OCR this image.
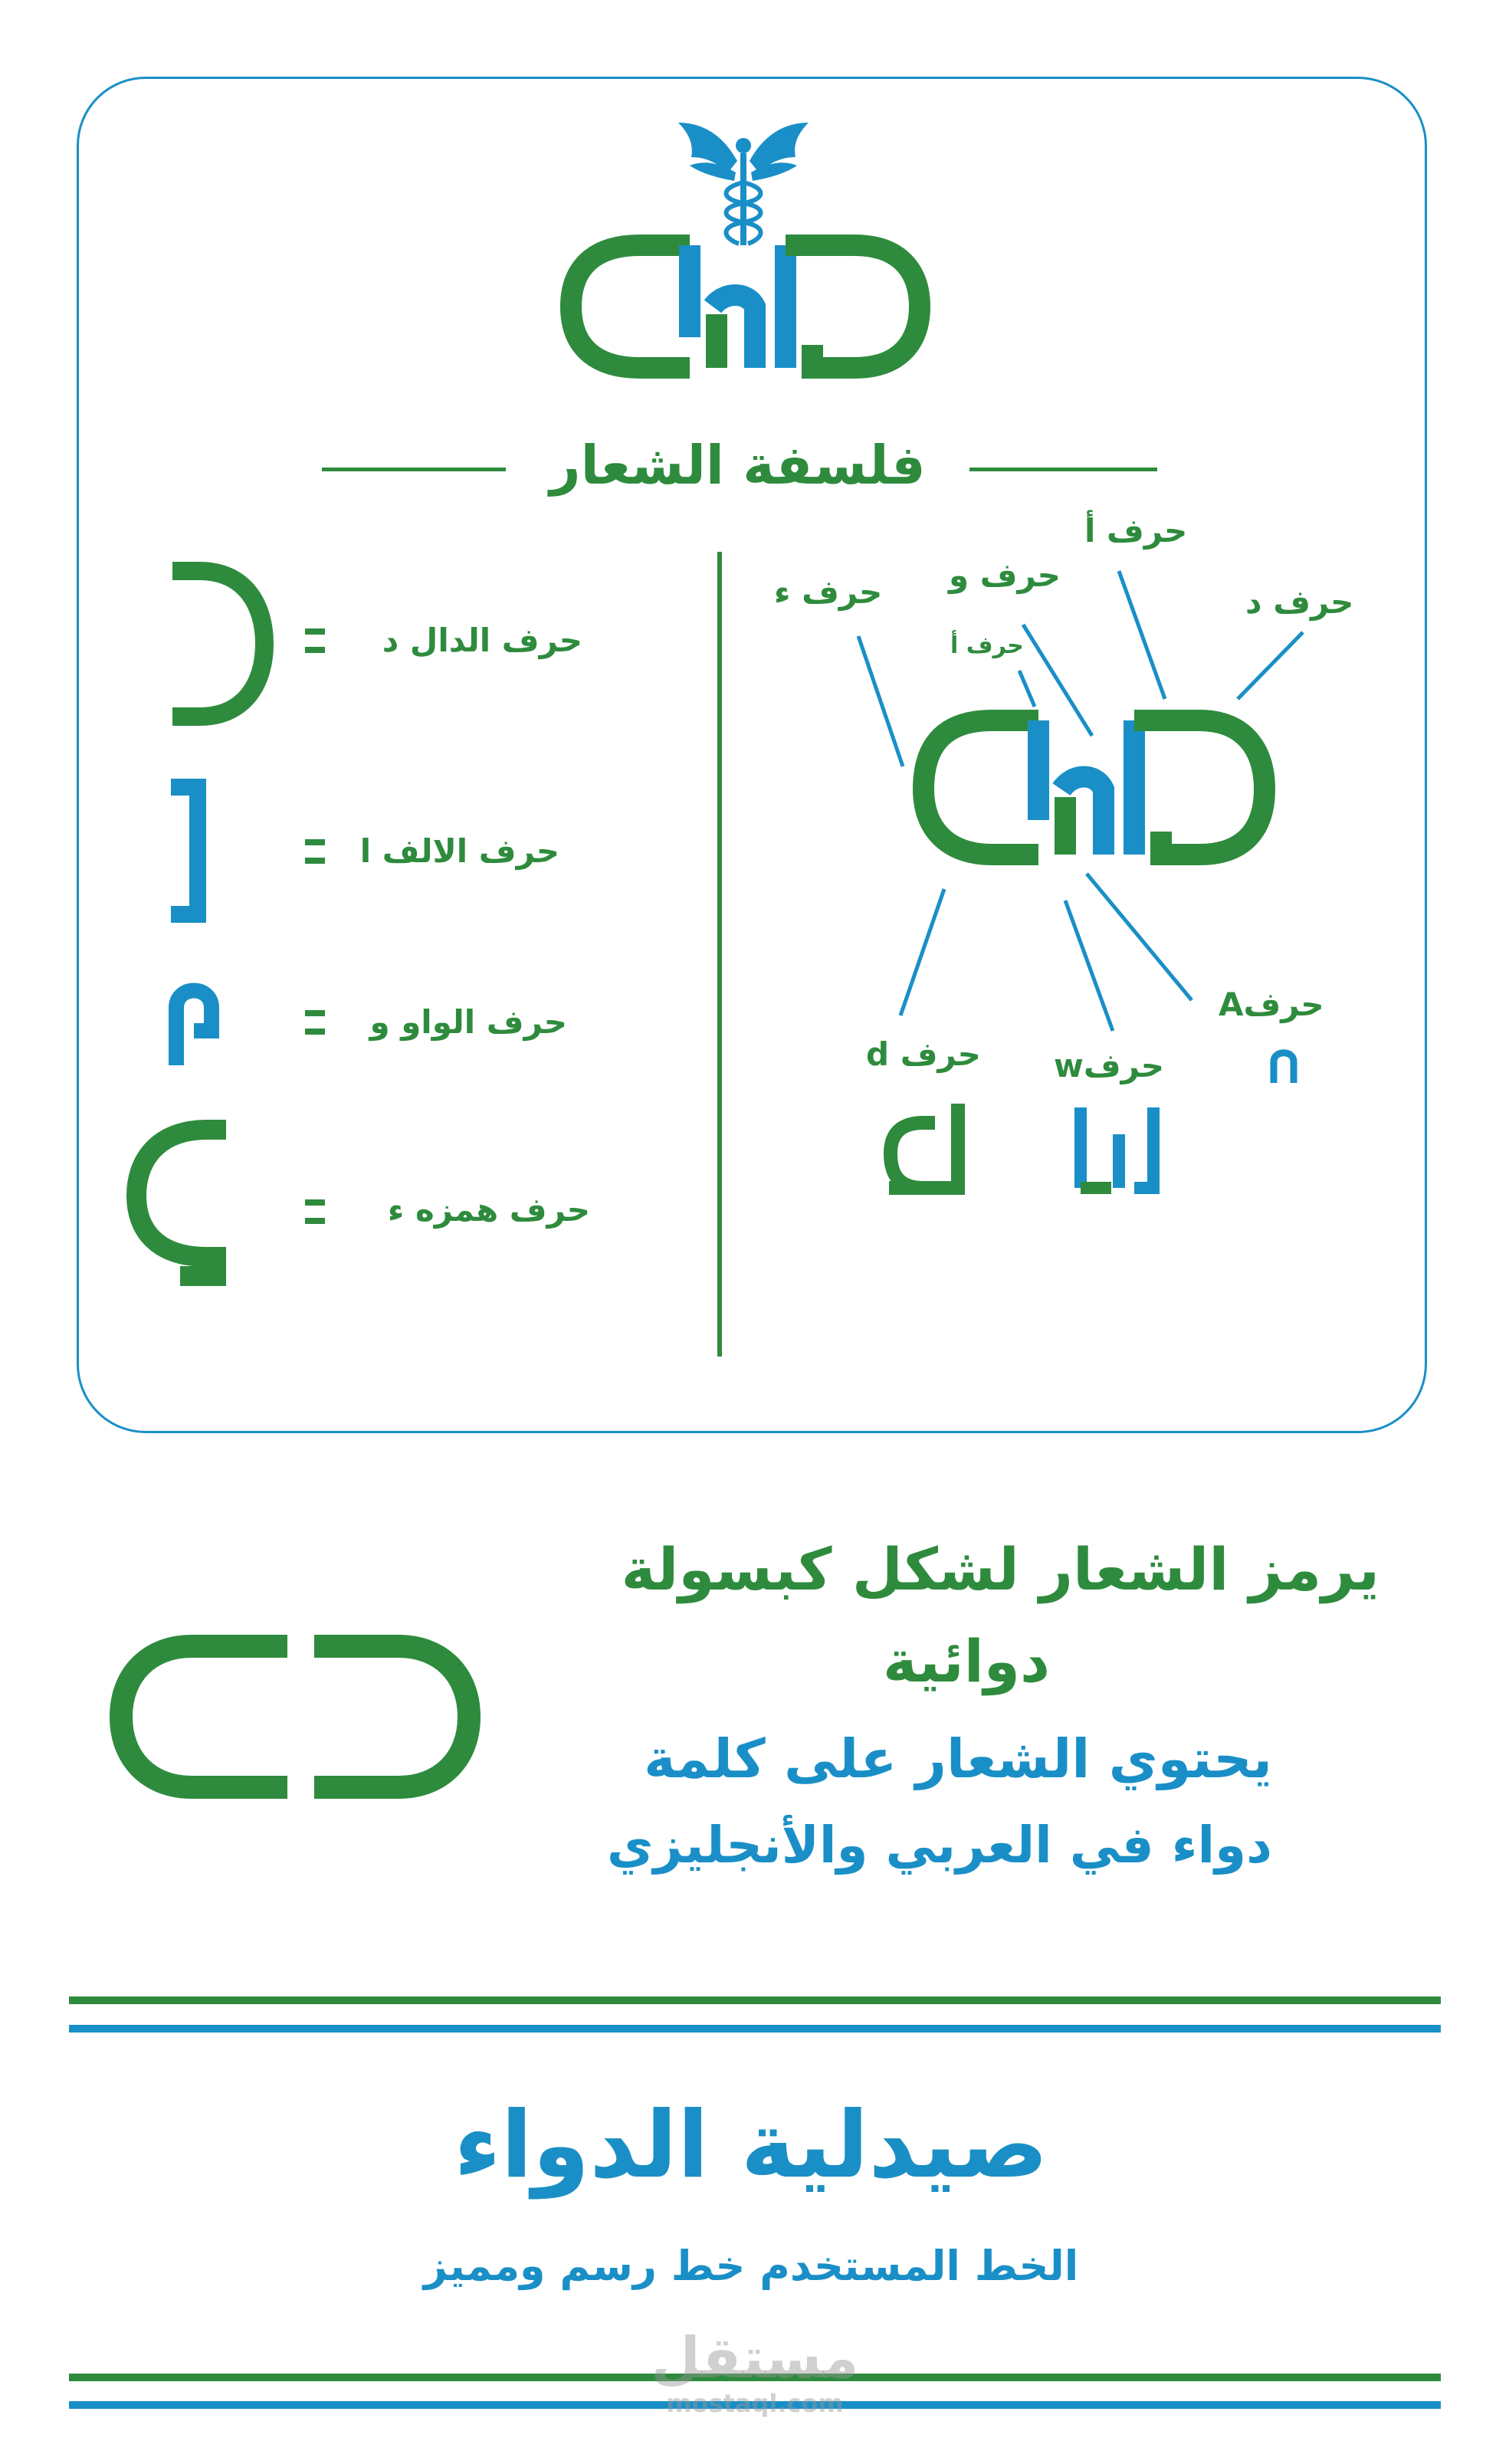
فلسفة الشعار
حرف الدال د
حرف الالف ا
حرف الواو و
حرف همزه ء
حرف ء	حرف و
حرف أ
حرف د
حرف أ
حرف d	حرفw
حرفA
يرمز الشعار لشكل كبسولة
دوائية
يحتوي الشعار على كلمة
دواء في العربي والأنجليزي
صيدلية الدواء
الخط المستخدم خط رسم ومميز
مستقل
mostaql.com
